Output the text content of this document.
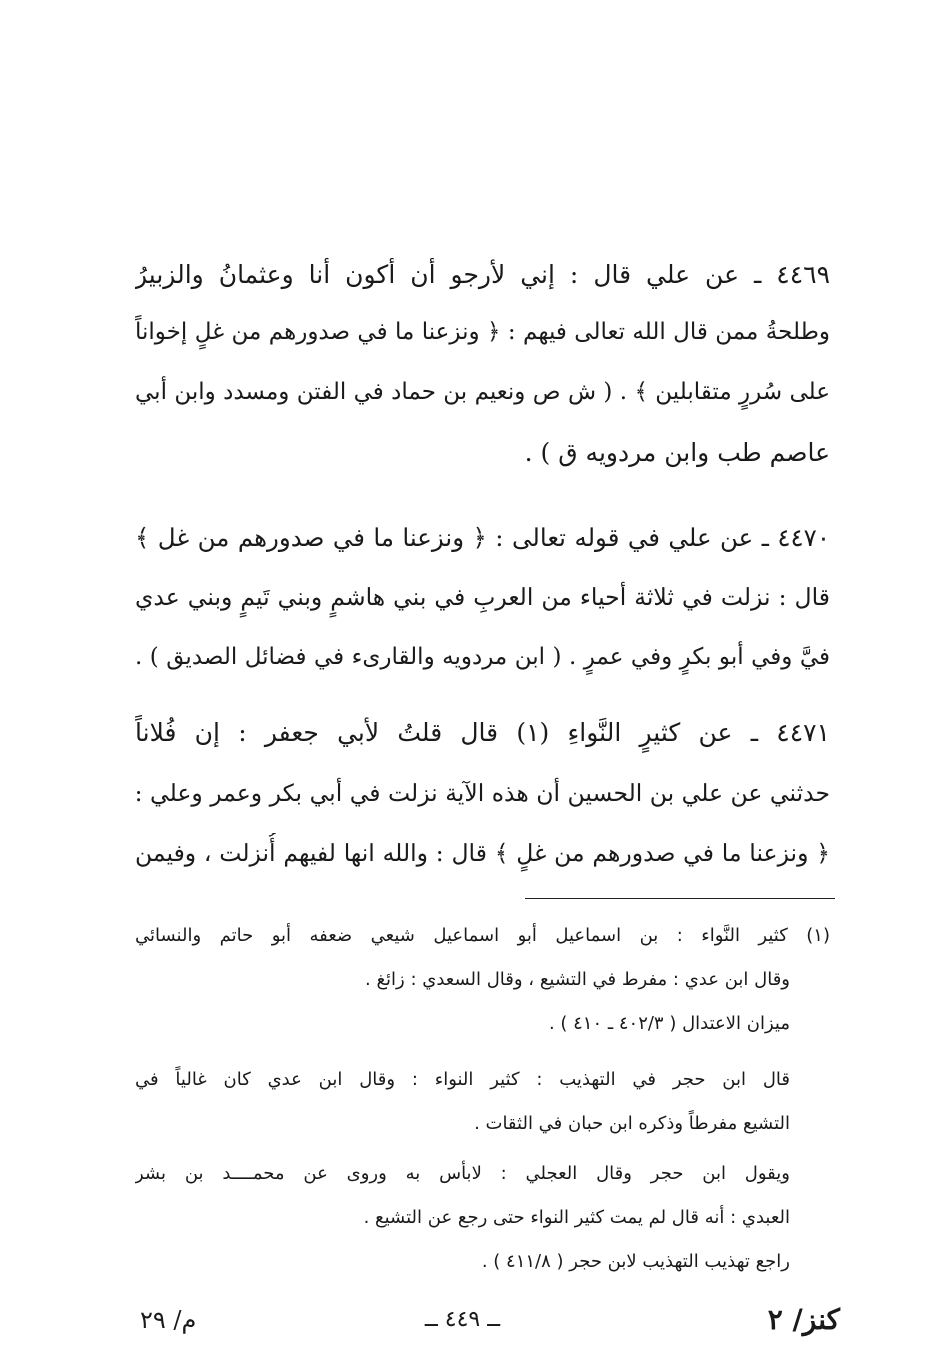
٤٤٦٩ ـ عن علي قال : إني لأرجو أن أكون أنا وعثمانُ والزبيرُ
وطلحةُ ممن قال الله تعالى فيهم : ﴿ ونزعنا ما في صدورهم من غلٍ إخواناً
على سُررٍ متقابلين ﴾ . ( ش ص ونعيم بن حماد في الفتن ومسدد وابن أبي
عاصم طب وابن مردويه ق ) .
٤٤٧٠ ـ عن علي في قوله تعالى : ﴿ ونزعنا ما في صدورهم من غل ﴾
قال : نزلت في ثلاثة أحياء من العربِ في بني هاشمٍ وبني تَيمٍ وبني عدي
فيَّ وفي أبو بكرٍ وفي عمرٍ . ( ابن مردويه والقارىء في فضائل الصديق ) .
٤٤٧١ ـ عن كثيرٍ النَّواءِ (١) قال قلتُ لأبي جعفر : إن فُلاناً
حدثني عن علي بن الحسين أن هذه الآية نزلت في أبي بكر وعمر وعلي :
﴿ ونزعنا ما في صدورهم من غلٍ ﴾ قال : والله انها لفيهم أُنزلت ، وفيمن
(١) كثير النَّواء : بن اسماعيل أبو اسماعيل شيعي ضعفه أبو حاتم والنسائي
وقال ابن عدي : مفرط في التشيع ، وقال السعدي : زائغ .
ميزان الاعتدال ( ٤٠٢/٣ ـ ٤١٠ ) .
قال ابن حجر في التهذيب : كثير النواء : وقال ابن عدي كان غالياً في
التشيع مفرطاً وذكره ابن حبان في الثقات .
ويقول ابن حجر وقال العجلي : لابأس به وروى عن محمــــد بن بشر
العبدي : أنه قال لم يمت كثير النواء حتى رجع عن التشيع .
راجع تهذيب التهذيب لابن حجر ( ٤١١/٨ ) .
م/ ٢٩	ــ ٤٤٩ ــ	كنز/ ٢
